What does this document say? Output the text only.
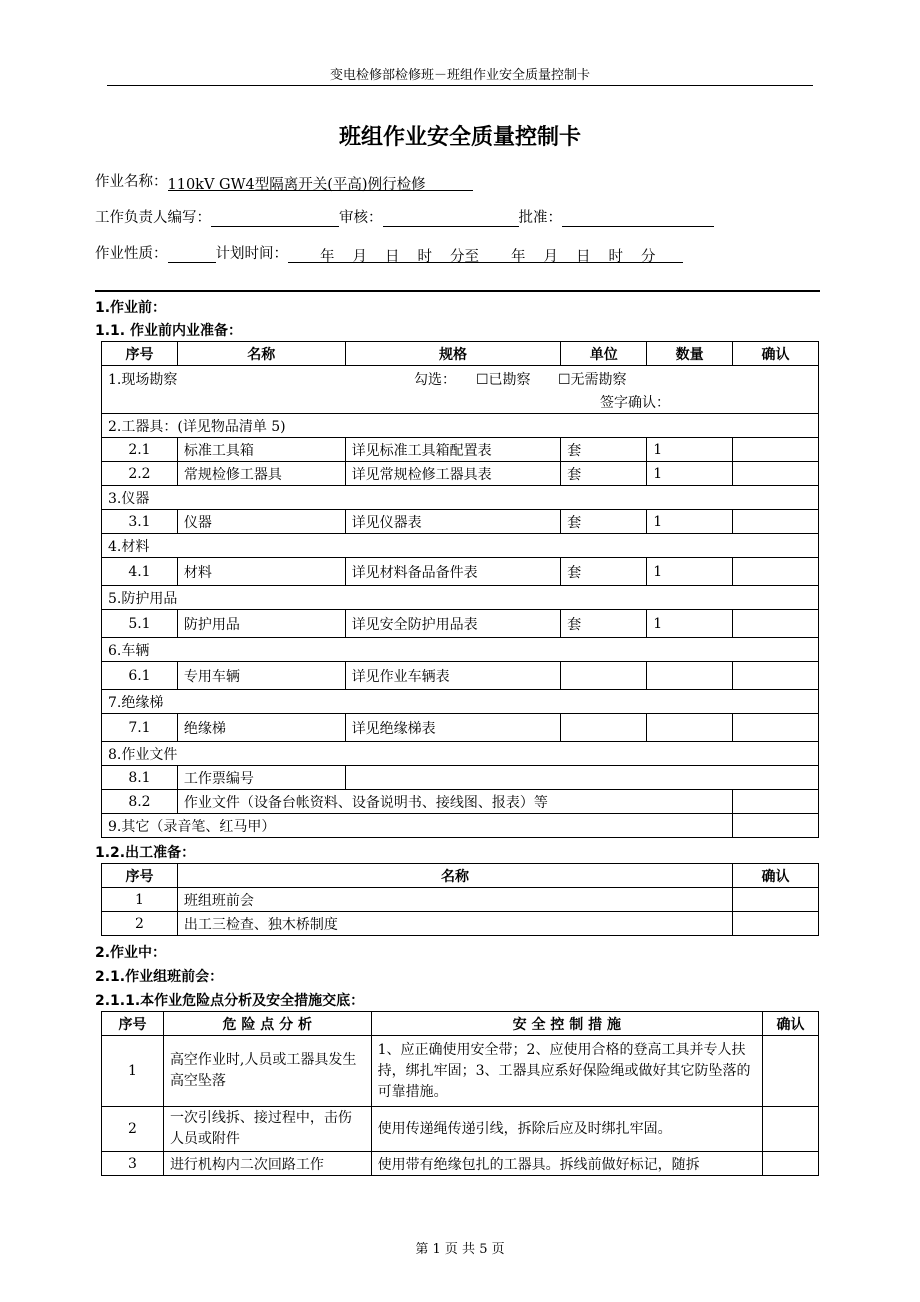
变电检修部检修班－班组作业安全质量控制卡
班组作业安全质量控制卡
作业名称：110kV GW4型隔离开关(平高)例行检修
工作负责人编写：	审核：	批准：
作业性质：	计划时间： 年 月 日 时 分至 年 月 日 时 分
1.作业前：
1.1. 作业前内业准备：
序号	名称	规格	单位	数量	确认
1.现场勘察 勾选： ☐已勘察 ☐无需勘察
签字确认：					

2.工器具：(详见物品清单 5)					
2.1	标准工具箱	详见标准工具箱配置表	套	1	
2.2	常规检修工器具	详见常规检修工器具表	套	1	
3.仪器					
3.1	仪器	详见仪器表	套	1	
4.材料					
4.1	材料	详见材料备品备件表	套	1	
5.防护用品					
5.1	防护用品	详见安全防护用品表	套	1	
6.车辆					
6.1	专用车辆	详见作业车辆表			
7.绝缘梯					
7.1	绝缘梯	详见绝缘梯表			
8.作业文件					
8.1	工作票编号				
8.2	作业文件（设备台帐资料、设备说明书、接线图、报表）等				
9.其它（录音笔、红马甲）					
1.2.出工准备：
序号	名称	确认
1	班组班前会	
2	出工三检查、独木桥制度	
2.作业中：
2.1.作业组班前会：
2.1.1.本作业危险点分析及安全措施交底：
序号	危 险 点 分 析	安 全 控 制 措 施	确认
1	高空作业时,人员或工器具发生高空坠落	1、应正确使用安全带；2、应使用合格的登高工具并专人扶持，绑扎牢固；3、工器具应系好保险绳或做好其它防坠落的可靠措施。	
2	一次引线拆、接过程中，击伤人员或附件	使用传递绳传递引线，拆除后应及时绑扎牢固。	
3	进行机构内二次回路工作	使用带有绝缘包扎的工器具。拆线前做好标记，随拆	
第 1 页 共 5 页
